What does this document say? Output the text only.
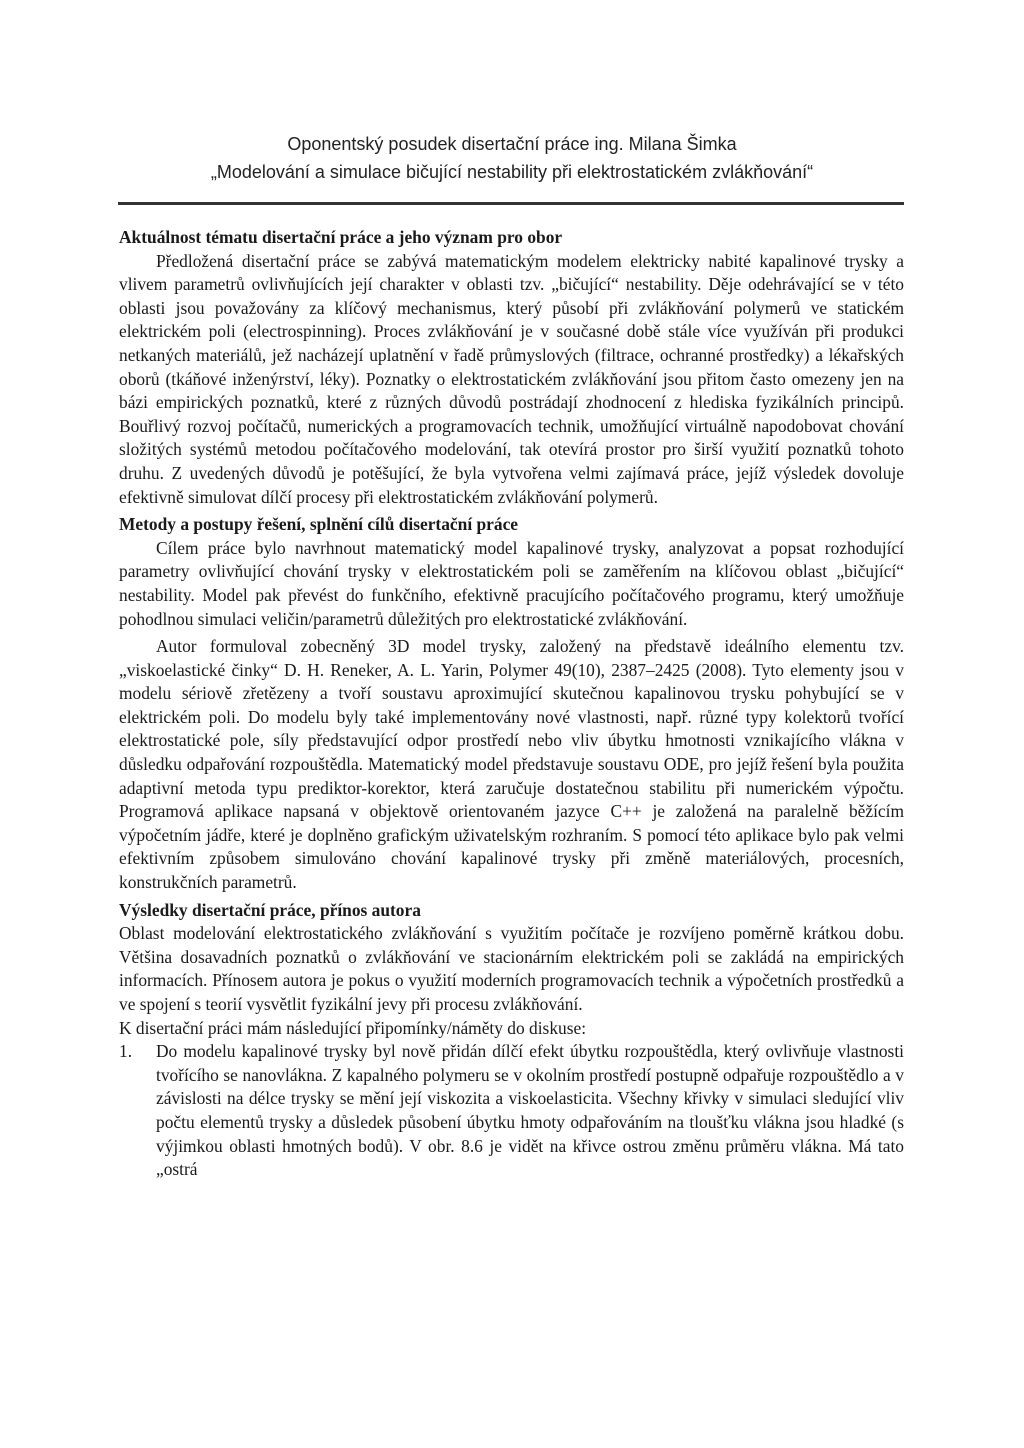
Oponentský posudek disertační práce ing. Milana Šimka
„Modelování a simulace bičující nestability při elektrostatickém zvlákňování“
Aktuálnost tématu disertační práce a jeho význam pro obor

Předložená disertační práce se zabývá matematickým modelem elektricky nabité kapalinové trysky a vlivem parametrů ovlivňujících její charakter v oblasti tzv. „bičující“ nestability. Děje odehrávající se v této oblasti jsou považovány za klíčový mechanismus, který působí při zvlákňování polymerů ve statickém elektrickém poli (electrospinning). Proces zvlákňování je v současné době stále více využíván při produkci netkaných materiálů, jež nacházejí uplatnění v řadě průmyslových (filtrace, ochranné prostředky) a lékařských oborů (tkáňové inženýrství, léky). Poznatky o elektrostatickém zvlákňování jsou přitom často omezeny jen na bázi empirických poznatků, které z různých důvodů postrádají zhodnocení z hlediska fyzikálních principů. Bouřlivý rozvoj počítačů, numerických a programovacích technik, umožňující virtuálně napodobovat chování složitých systémů metodou počítačového modelování, tak otevírá prostor pro širší využití poznatků tohoto druhu. Z uvedených důvodů je potěšující, že byla vytvořena velmi zajímavá práce, jejíž výsledek dovoluje efektivně simulovat dílčí procesy při elektrostatickém zvlákňování polymerů.

Metody a postupy řešení, splnění cílů disertační práce

Cílem práce bylo navrhnout matematický model kapalinové trysky, analyzovat a popsat rozhodující parametry ovlivňující chování trysky v elektrostatickém poli se zaměřením na klíčovou oblast „bičující“ nestability. Model pak převést do funkčního, efektivně pracujícího počítačového programu, který umožňuje pohodlnou simulaci veličin/parametrů důležitých pro elektrostatické zvlákňování.

Autor formuloval zobecněný 3D model trysky, založený na představě ideálního elementu tzv. „viskoelastické činky“ D. H. Reneker, A. L. Yarin, Polymer 49(10), 2387–2425 (2008). Tyto elementy jsou v modelu sériově zřetězeny a tvoří soustavu aproximující skutečnou kapalinovou trysku pohybující se v elektrickém poli. Do modelu byly také implementovány nové vlastnosti, např. různé typy kolektorů tvořící elektrostatické pole, síly představující odpor prostředí nebo vliv úbytku hmotnosti vznikajícího vlákna v důsledku odpařování rozpouštědla. Matematický model představuje soustavu ODE, pro jejíž řešení byla použita adaptivní metoda typu prediktor-korektor, která zaručuje dostatečnou stabilitu při numerickém výpočtu. Programová aplikace napsaná v objektově orientovaném jazyce C++ je založená na paralelně běžícím výpočetním jádře, které je doplněno grafickým uživatelským rozhraním. S pomocí této aplikace bylo pak velmi efektivním způsobem simulováno chování kapalinové trysky při změně materiálových, procesních, konstrukčních parametrů.

Výsledky disertační práce, přínos autora

Oblast modelování elektrostatického zvlákňování s využitím počítače je rozvíjeno poměrně krátkou dobu. Většina dosavadních poznatků o zvlákňování ve stacionárním elektrickém poli se zakládá na empirických informacích. Přínosem autora je pokus o využití moderních programovacích technik a výpočetních prostředků a ve spojení s teorií vysvětlit fyzikální jevy při procesu zvlákňování.

K disertační práci mám následující připomínky/náměty do diskuse:

1.	Do modelu kapalinové trysky byl nově přidán dílčí efekt úbytku rozpouštědla, který ovlivňuje vlastnosti tvořícího se nanovlákna. Z kapalného polymeru se v okolním prostředí postupně odpařuje rozpouštědlo a v závislosti na délce trysky se mění její viskozita a viskoelasticita. Všechny křivky v simulaci sledující vliv počtu elementů trysky a důsledek působení úbytku hmoty odpařováním na tloušťku vlákna jsou hladké (s výjimkou oblasti hmotných bodů). V obr. 8.6 je vidět na křivce ostrou změnu průměru vlákna. Má tato „ostrá
